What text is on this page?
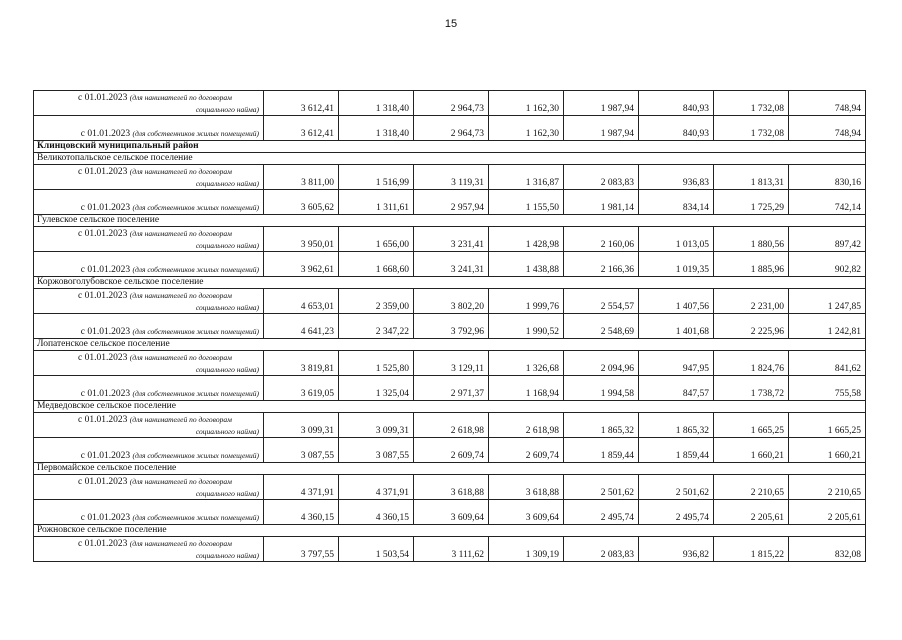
15
с 01.01.2023 (для нанимателей по договорам
социального найма)	3 612,41	1 318,40	2 964,73	1 162,30	1 987,94	840,93	1 732,08	748,94

с 01.01.2023 (для собственников жилых помещений)	3 612,41	1 318,40	2 964,73	1 162,30	1 987,94	840,93	1 732,08	748,94
Клинцовский муниципальный район								
Великотопальское сельское поселение								

с 01.01.2023 (для нанимателей по договорам
социального найма)	3 811,00	1 516,99	3 119,31	1 316,87	2 083,83	936,83	1 813,31	830,16

с 01.01.2023 (для собственников жилых помещений)	3 605,62	1 311,61	2 957,94	1 155,50	1 981,14	834,14	1 725,29	742,14
Гулевское сельское поселение								

с 01.01.2023 (для нанимателей по договорам
социального найма)	3 950,01	1 656,00	3 231,41	1 428,98	2 160,06	1 013,05	1 880,56	897,42

с 01.01.2023 (для собственников жилых помещений)	3 962,61	1 668,60	3 241,31	1 438,88	2 166,36	1 019,35	1 885,96	902,82
Коржовоголубовское сельское поселение								

с 01.01.2023 (для нанимателей по договорам
социального найма)	4 653,01	2 359,00	3 802,20	1 999,76	2 554,57	1 407,56	2 231,00	1 247,85

с 01.01.2023 (для собственников жилых помещений)	4 641,23	2 347,22	3 792,96	1 990,52	2 548,69	1 401,68	2 225,96	1 242,81
Лопатенское сельское поселение								

с 01.01.2023 (для нанимателей по договорам
социального найма)	3 819,81	1 525,80	3 129,11	1 326,68	2 094,96	947,95	1 824,76	841,62

с 01.01.2023 (для собственников жилых помещений)	3 619,05	1 325,04	2 971,37	1 168,94	1 994,58	847,57	1 738,72	755,58
Медведовское сельское поселение								

с 01.01.2023 (для нанимателей по договорам
социального найма)	3 099,31	3 099,31	2 618,98	2 618,98	1 865,32	1 865,32	1 665,25	1 665,25

с 01.01.2023 (для собственников жилых помещений)	3 087,55	3 087,55	2 609,74	2 609,74	1 859,44	1 859,44	1 660,21	1 660,21
Первомайское сельское поселение								

с 01.01.2023 (для нанимателей по договорам
социального найма)	4 371,91	4 371,91	3 618,88	3 618,88	2 501,62	2 501,62	2 210,65	2 210,65

с 01.01.2023 (для собственников жилых помещений)	4 360,15	4 360,15	3 609,64	3 609,64	2 495,74	2 495,74	2 205,61	2 205,61
Рожновское сельское поселение								

с 01.01.2023 (для нанимателей по договорам
социального найма)	3 797,55	1 503,54	3 111,62	1 309,19	2 083,83	936,82	1 815,22	832,08
